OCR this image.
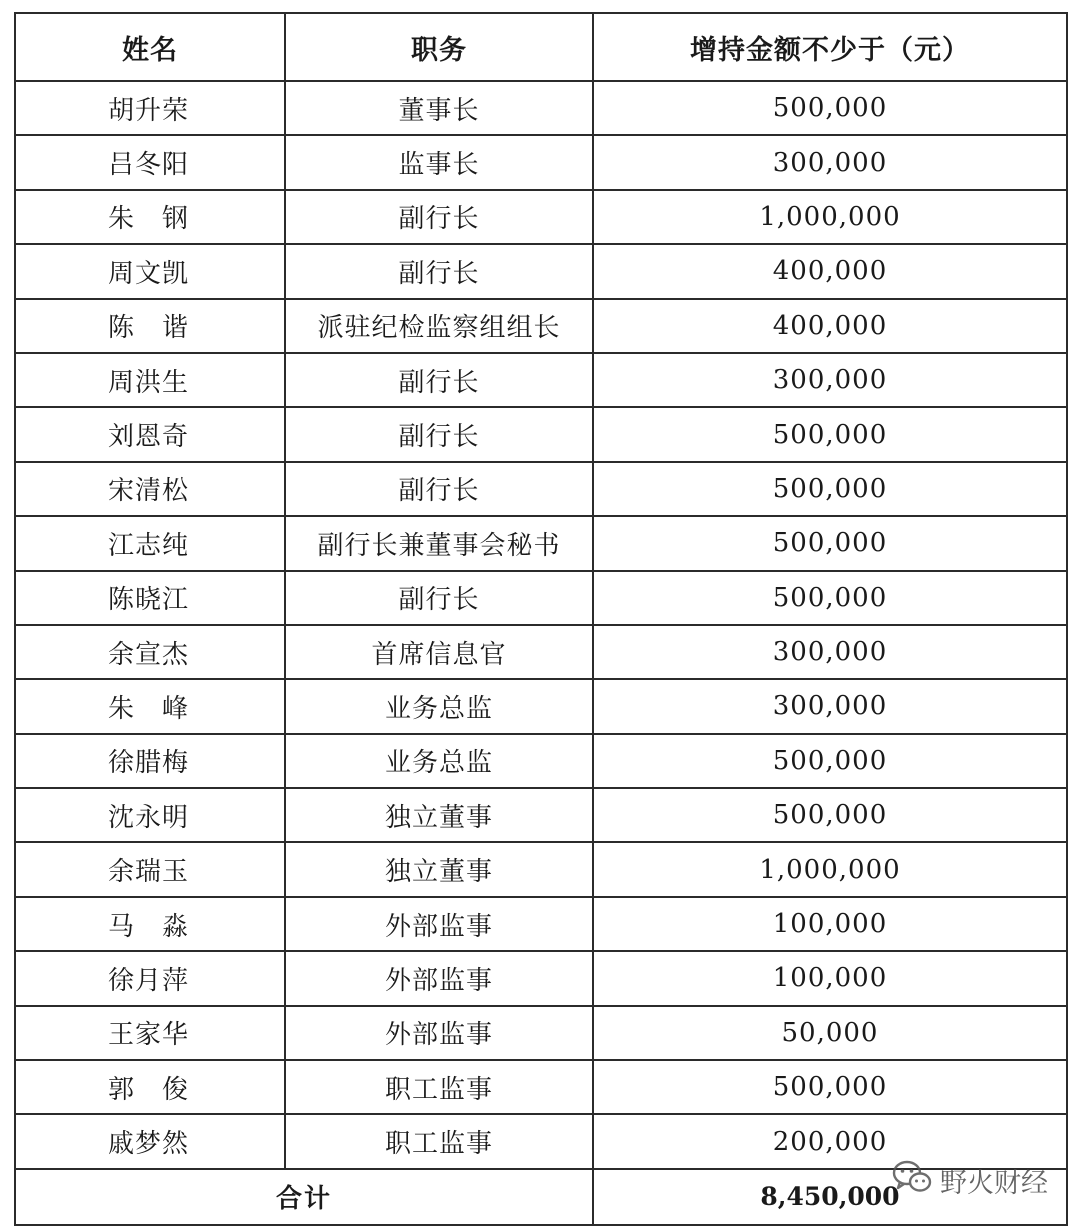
姓名	职务	增持金额不少于（元）
胡升荣	董事长	500,000
吕冬阳	监事长	300,000
朱　钢	副行长	1,000,000
周文凯	副行长	400,000
陈　谐	派驻纪检监察组组长	400,000
周洪生	副行长	300,000
刘恩奇	副行长	500,000
宋清松	副行长	500,000
江志纯	副行长兼董事会秘书	500,000
陈晓江	副行长	500,000
余宣杰	首席信息官	300,000
朱　峰	业务总监	300,000
徐腊梅	业务总监	500,000
沈永明	独立董事	500,000
余瑞玉	独立董事	1,000,000
马　淼	外部监事	100,000
徐月萍	外部监事	100,000
王家华	外部监事	50,000
郭　俊	职工监事	500,000
戚梦然	职工监事	200,000
合计		8,450,000 野火财经
